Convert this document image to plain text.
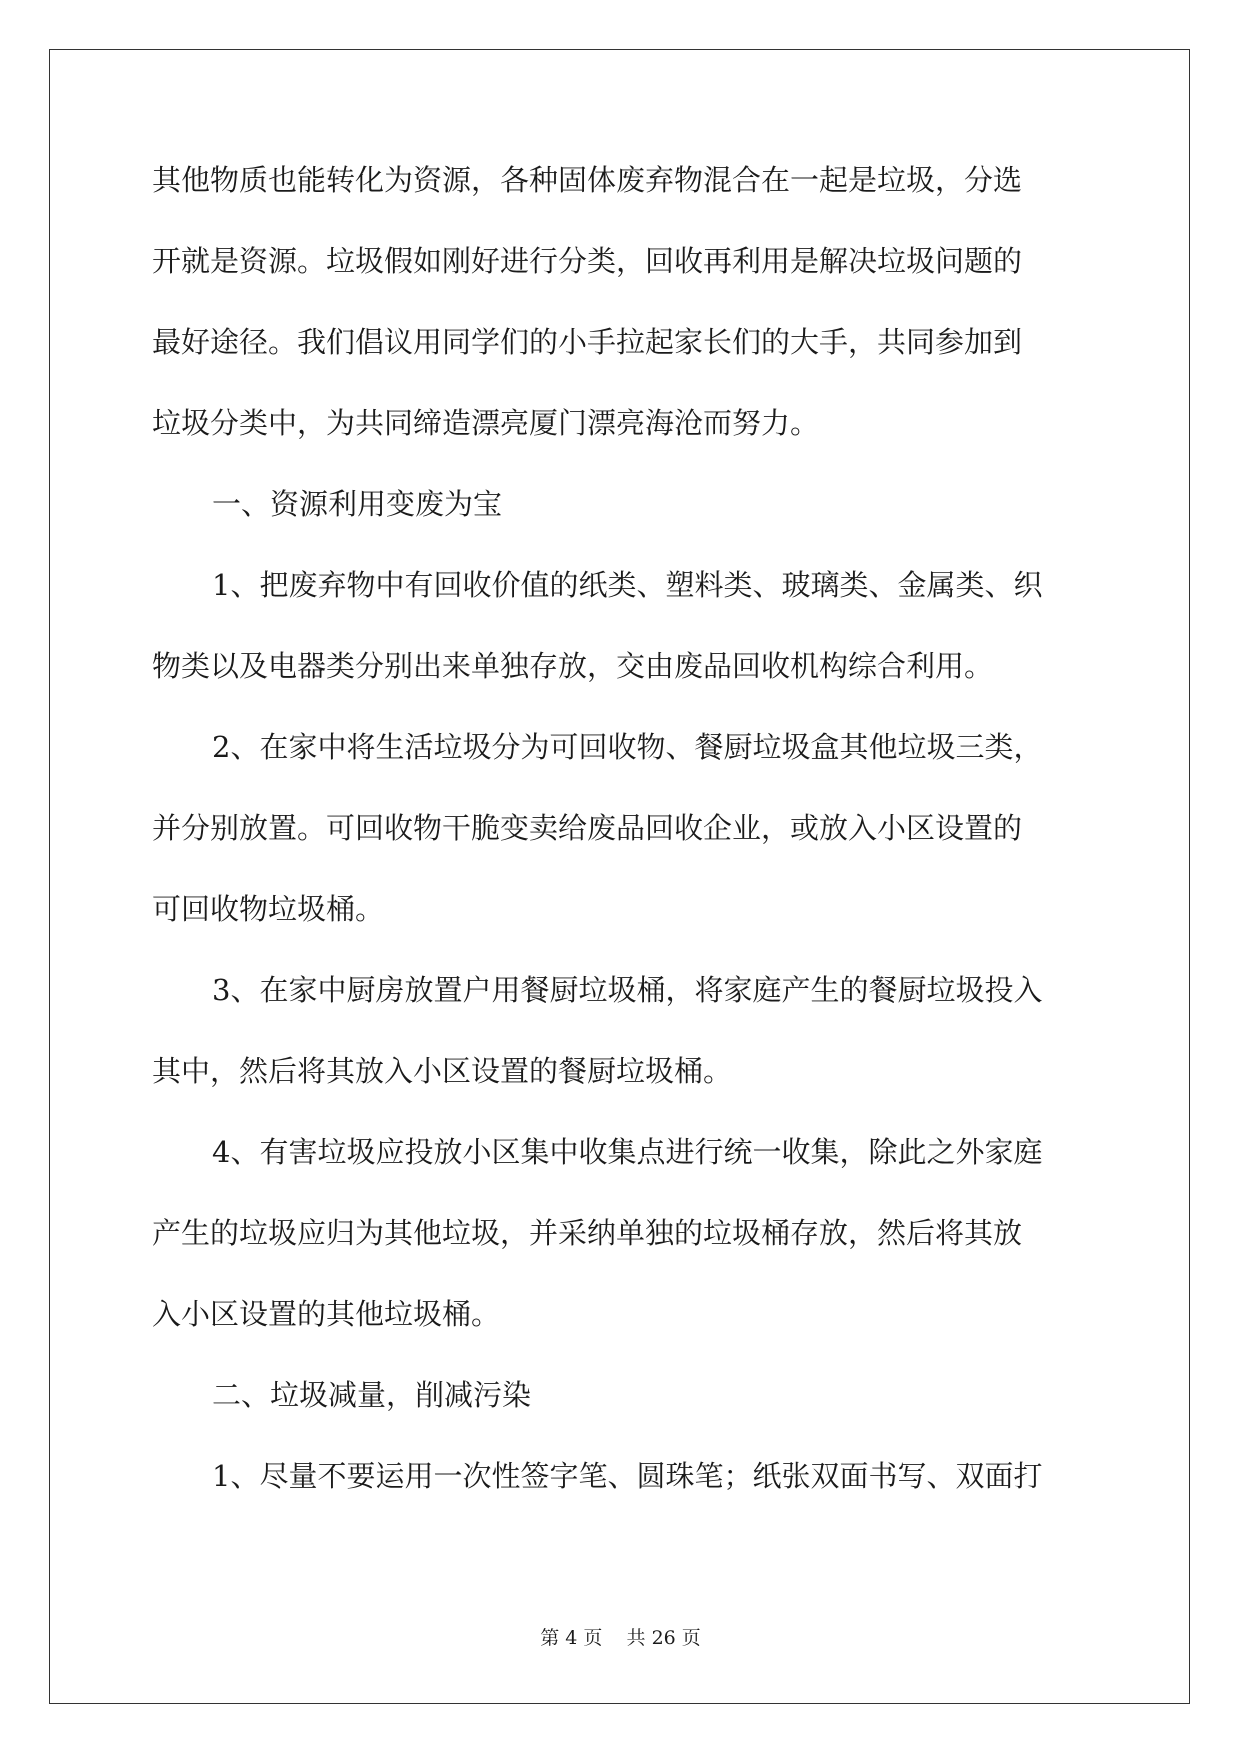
其他物质也能转化为资源，各种固体废弃物混合在一起是垃圾，分选
开就是资源。垃圾假如刚好进行分类，回收再利用是解决垃圾问题的
最好途径。我们倡议用同学们的小手拉起家长们的大手，共同参加到
垃圾分类中，为共同缔造漂亮厦门漂亮海沧而努力。
一、资源利用变废为宝
1、把废弃物中有回收价值的纸类、塑料类、玻璃类、金属类、织
物类以及电器类分别出来单独存放，交由废品回收机构综合利用。
2、在家中将生活垃圾分为可回收物、餐厨垃圾盒其他垃圾三类，
并分别放置。可回收物干脆变卖给废品回收企业，或放入小区设置的
可回收物垃圾桶。
3、在家中厨房放置户用餐厨垃圾桶，将家庭产生的餐厨垃圾投入
其中，然后将其放入小区设置的餐厨垃圾桶。
4、有害垃圾应投放小区集中收集点进行统一收集，除此之外家庭
产生的垃圾应归为其他垃圾，并采纳单独的垃圾桶存放，然后将其放
入小区设置的其他垃圾桶。
二、垃圾减量，削减污染
1、尽量不要运用一次性签字笔、圆珠笔；纸张双面书写、双面打
第 4 页    共 26 页
